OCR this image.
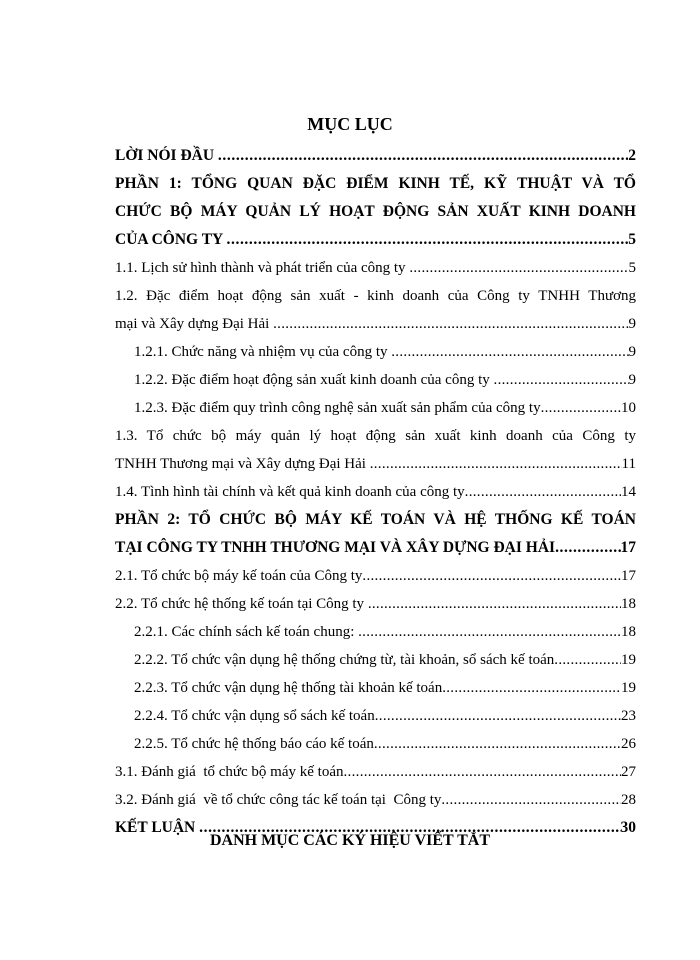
MỤC LỤC
LỜI NÓI ĐẦU .....	2
PHẦN 1: TỔNG QUAN ĐẶC ĐIỂM KINH TẾ, KỸ THUẬT VÀ TỔ
CHỨC BỘ MÁY QUẢN LÝ HOẠT ĐỘNG SẢN XUẤT KINH DOANH
CỦA CÔNG TY .....	5
1.1. Lịch sử hình thành và phát triển của công ty .....	5
1.2. Đặc điểm hoạt động sản xuất - kinh doanh của Công ty TNHH Thương
mại và Xây dựng Đại Hải .....	9
1.2.1. Chức năng và nhiệm vụ của công ty .....	9
1.2.2. Đặc điểm hoạt động sản xuất kinh doanh của công ty .....	9
1.2.3. Đặc điểm quy trình công nghệ sản xuất sản phẩm của công ty .....	10
1.3. Tổ chức bộ máy quản lý hoạt động sản xuất kinh doanh của Công ty
TNHH Thương mại và Xây dựng Đại Hải .....	11
1.4. Tình hình tài chính và kết quả kinh doanh của công ty .....	14
PHẦN 2: TỔ CHỨC BỘ MÁY KẾ TOÁN VÀ HỆ THỐNG KẾ TOÁN
TẠI CÔNG TY TNHH THƯƠNG MẠI VÀ XÂY DỰNG ĐẠI HẢI .....	17
2.1. Tổ chức bộ máy kế toán của Công ty .....	17
2.2. Tổ chức hệ thống kế toán tại Công ty .....	18
2.2.1. Các chính sách kế toán chung: .....	18
2.2.2. Tổ chức vận dụng hệ thống chứng từ, tài khoản, sổ sách kế toán .....	19
2.2.3. Tổ chức vận dụng hệ thống tài khoản kế toán .....	19
2.2.4. Tổ chức vận dụng sổ sách kế toán .....	23
2.2.5. Tổ chức hệ thống báo cáo kế toán .....	26
3.1. Đánh giá  tổ chức bộ máy kế toán .....	27
3.2. Đánh giá  về tổ chức công tác kế toán tại  Công ty .....	28
KẾT LUẬN .....	30
DANH MỤC CÁC KÝ HIỆU VIẾT TẮT
